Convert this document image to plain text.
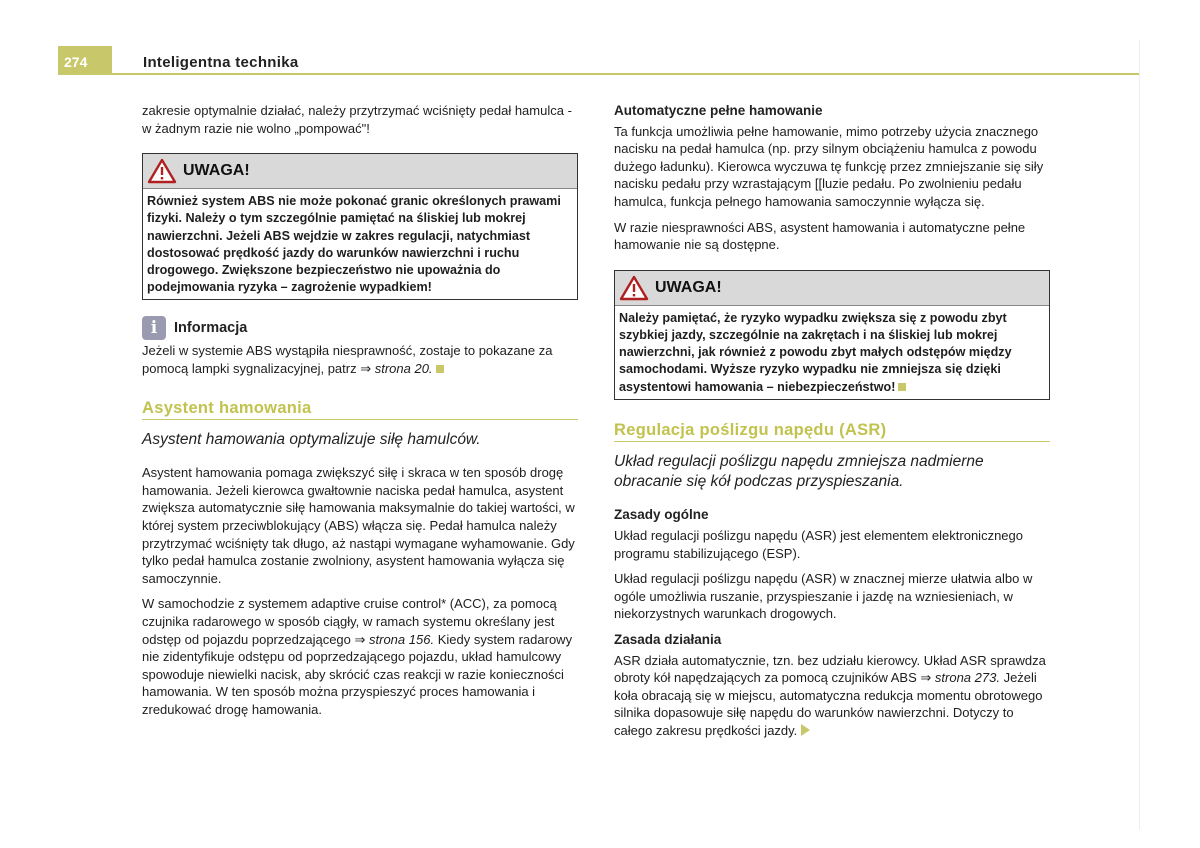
274	Inteligentna technika

zakresie optymalnie działać, należy przytrzymać wciśnięty pedał hamulca - w żadnym razie nie wolno „pompować"!

UWAGA!
Również system ABS nie może pokonać granic określonych prawami fizyki. Należy o tym szczególnie pamiętać na śliskiej lub mokrej nawierzchni. Jeżeli ABS wejdzie w zakres regulacji, natychmiast dostosować prędkość jazdy do warunków nawierzchni i ruchu drogowego. Zwiększone bezpieczeństwo nie upoważnia do podejmowania ryzyka – zagrożenie wypadkiem!
i Informacja

Jeżeli w systemie ABS wystąpiła niesprawność, zostaje to pokazane za pomocą lampki sygnalizacyjnej, patrz ⇒ strona 20.

Asystent hamowania
Asystent hamowania optymalizuje siłę hamulców.

Asystent hamowania pomaga zwiększyć siłę i skraca w ten sposób drogę hamowania. Jeżeli kierowca gwałtownie naciska pedał hamulca, asystent zwiększa automatycznie siłę hamowania maksymalnie do takiej wartości, w której system przeciwblokujący (ABS) włącza się. Pedał hamulca należy przytrzymać wciśnięty tak długo, aż nastąpi wymagane wyhamowanie. Gdy tylko pedał hamulca zostanie zwolniony, asystent hamowania wyłącza się samoczynnie.

W samochodzie z systemem adaptive cruise control* (ACC), za pomocą czujnika radarowego w sposób ciągły, w ramach systemu określany jest odstęp od pojazdu poprzedzającego ⇒ strona 156. Kiedy system radarowy nie zidentyfikuje odstępu od poprzedzającego pojazdu, układ hamulcowy spowoduje niewielki nacisk, aby skrócić czas reakcji w razie konieczności hamowania. W ten sposób można przyspieszyć proces hamowania i zredukować drogę hamowania.

Automatyczne pełne hamowanie

Ta funkcja umożliwia pełne hamowanie, mimo potrzeby użycia znacznego nacisku na pedał hamulca (np. przy silnym obciążeniu hamulca z powodu dużego ładunku). Kierowca wyczuwa tę funkcję przez zmniejszanie się siły nacisku pedału przy wzrastającym [[luzie pedału. Po zwolnieniu pedału hamulca, funkcja pełnego hamowania samoczynnie wyłącza się.

W razie niesprawności ABS, asystent hamowania i automatyczne pełne hamowanie nie są dostępne.

UWAGA!
Należy pamiętać, że ryzyko wypadku zwiększa się z powodu zbyt szybkiej jazdy, szczególnie na zakrętach i na śliskiej lub mokrej nawierzchni, jak również z powodu zbyt małych odstępów między samochodami. Wyższe ryzyko wypadku nie zmniejsza się dzięki asystentowi hamowania – niebezpieczeństwo!
Regulacja poślizgu napędu (ASR)
Układ regulacji poślizgu napędu zmniejsza nadmierne obracanie się kół podczas przyspieszania.
Zasady ogólne

Układ regulacji poślizgu napędu (ASR) jest elementem elektronicznego programu stabilizującego (ESP).

Układ regulacji poślizgu napędu (ASR) w znacznej mierze ułatwia albo w ogóle umożliwia ruszanie, przyspieszanie i jazdę na wzniesieniach, w niekorzystnych warunkach drogowych.

Zasada działania

ASR działa automatycznie, tzn. bez udziału kierowcy. Układ ASR sprawdza obroty kół napędzających za pomocą czujników ABS ⇒ strona 273. Jeżeli koła obracają się w miejscu, automatyczna redukcja momentu obrotowego silnika dopasowuje siłę napędu do warunków nawierzchni. Dotyczy to całego zakresu prędkości jazdy.
